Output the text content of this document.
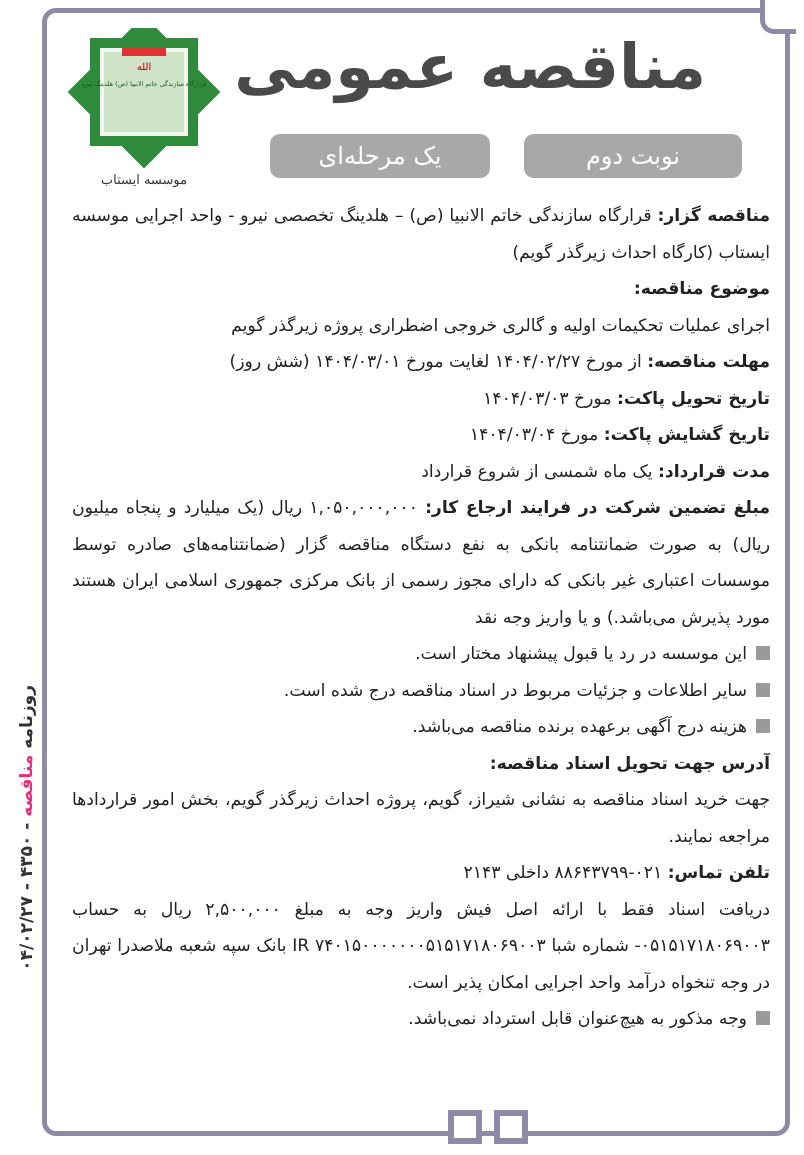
روزنامه مناقصه - ۴۳۵۰ - ۰۴/۰۲/۲۷
الله
قرارگاه سازندگی خاتم الانبیا (ص) هلدینگ نیرو
موسسه ایستاب
مناقصه عمومی
نوبت دوم
یک مرحله‌ای

مناقصه گزار: قرارگاه سازندگی خاتم الانبیا (ص) – هلدینگ تخصصی نیرو - واحد اجرایی موسسه ایستاب (کارگاه احداث زیرگذر گویم)

موضوع مناقصه:

اجرای عملیات تحکیمات اولیه و گالری خروجی اضطراری پروژه زیرگذر گویم

مهلت مناقصه: از مورخ ۱۴۰۴/۰۲/۲۷ لغایت مورخ ۱۴۰۴/۰۳/۰۱ (شش روز)

تاریخ تحویل پاکت: مورخ ۱۴۰۴/۰۳/۰۳

تاریخ گشایش پاکت: مورخ ۱۴۰۴/۰۳/۰۴

مدت قرارداد: یک ماه شمسی از شروع قرارداد

مبلغ تضمین شرکت در فرایند ارجاع کار: ۱,۰۵۰,۰۰۰,۰۰۰ ریال (یک میلیارد و پنجاه میلیون ریال) به صورت ضمانتنامه بانکی به نفع دستگاه مناقصه گزار (ضمانتنامه‌های صادره توسط موسسات اعتباری غیر بانکی که دارای مجوز رسمی از بانک مرکزی جمهوری اسلامی ایران هستند مورد پذیرش می‌باشد.) و یا واریز وجه نقد

این موسسه در رد یا قبول پیشنهاد مختار است.

سایر اطلاعات و جزئیات مربوط در اسناد مناقصه درج شده است.

هزینه درج آگهی برعهده برنده مناقصه می‌باشد.

آدرس جهت تحویل اسناد مناقصه:

جهت خرید اسناد مناقصه به نشانی شیراز، گویم، پروژه احداث زیرگذر گویم، بخش امور قراردادها مراجعه نمایند.

تلفن تماس: ۰۲۱-۸۸۶۴۳۷۹۹ داخلی ۲۱۴۳

دریافت اسناد فقط با ارائه اصل فیش واریز وجه به مبلغ ۲,۵۰۰,۰۰۰ ریال به حساب ۰۵۱۵۱۷۱۸۰۶۹۰۰۳- شماره شبا IR ۷۴۰۱۵۰۰۰۰۰۰۰۵۱۵۱۷۱۸۰۶۹۰۰۳ بانک سپه شعبه ملاصدرا تهران در وجه تنخواه درآمد واحد اجرایی امکان پذیر است.

وجه مذکور به هیچ‌عنوان قابل استرداد نمی‌باشد.
